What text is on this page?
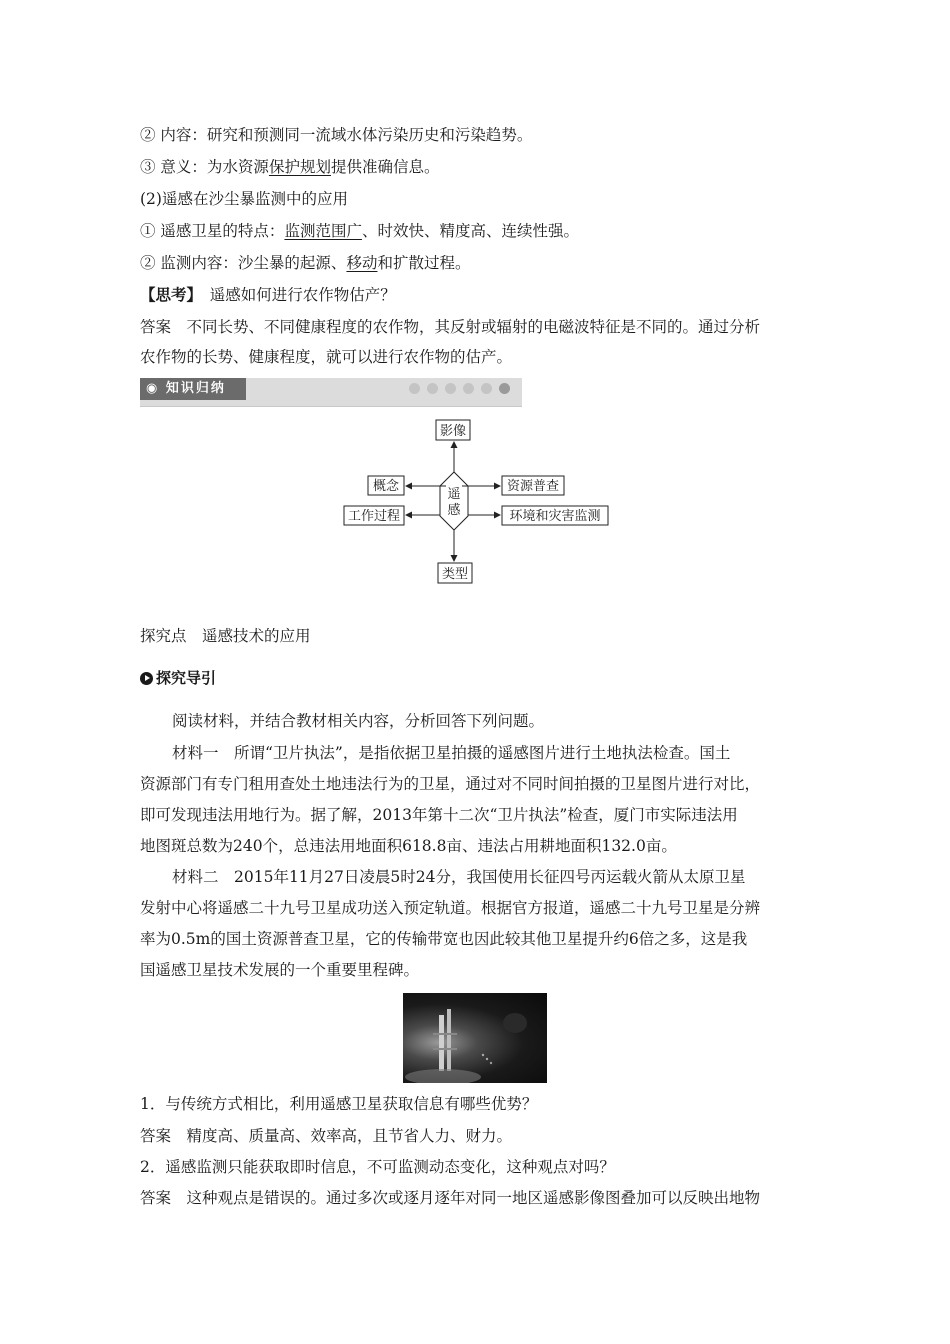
② 内容：研究和预测同一流域水体污染历史和污染趋势。
③ 意义：为水资源保护规划提供准确信息。
(2)遥感在沙尘暴监测中的应用
① 遥感卫星的特点：监测范围广、时效快、精度高、连续性强。
② 监测内容：沙尘暴的起源、移动和扩散过程。
【思考】  遥感如何进行农作物估产？
答案　 不同长势、不同健康程度的农作物，其反射或辐射的电磁波特征是不同的。通过分析
农作物的长势、健康程度，就可以进行农作物的估产。
◉ 知识归纳
遥
感
影像
类型
概念
工作过程
资源普查
环境和灾害监测
探究点　遥感技术的应用
探究导引
阅读材料，并结合教材相关内容，分析回答下列问题。
材料一　所谓“卫片执法”，是指依据卫星拍摄的遥感图片进行土地执法检查。国土
资源部门有专门租用查处土地违法行为的卫星，通过对不同时间拍摄的卫星图片进行对比，
即可发现违法用地行为。据了解，2013年第十二次“卫片执法”检查，厦门市实际违法用
地图斑总数为240个，总违法用地面积618.8亩、违法占用耕地面积132.0亩。
材料二　2015年11月27日凌晨5时24分，我国使用长征四号丙运载火箭从太原卫星
发射中心将遥感二十九号卫星成功送入预定轨道。根据官方报道，遥感二十九号卫星是分辨
率为0.5m的国土资源普查卫星，它的传输带宽也因此较其他卫星提升约6倍之多，这是我
国遥感卫星技术发展的一个重要里程碑。
1．与传统方式相比，利用遥感卫星获取信息有哪些优势？
答案　 精度高、质量高、效率高，且节省人力、财力。
2．遥感监测只能获取即时信息，不可监测动态变化，这种观点对吗？
答案　 这种观点是错误的。通过多次或逐月逐年对同一地区遥感影像图叠加可以反映出地物
